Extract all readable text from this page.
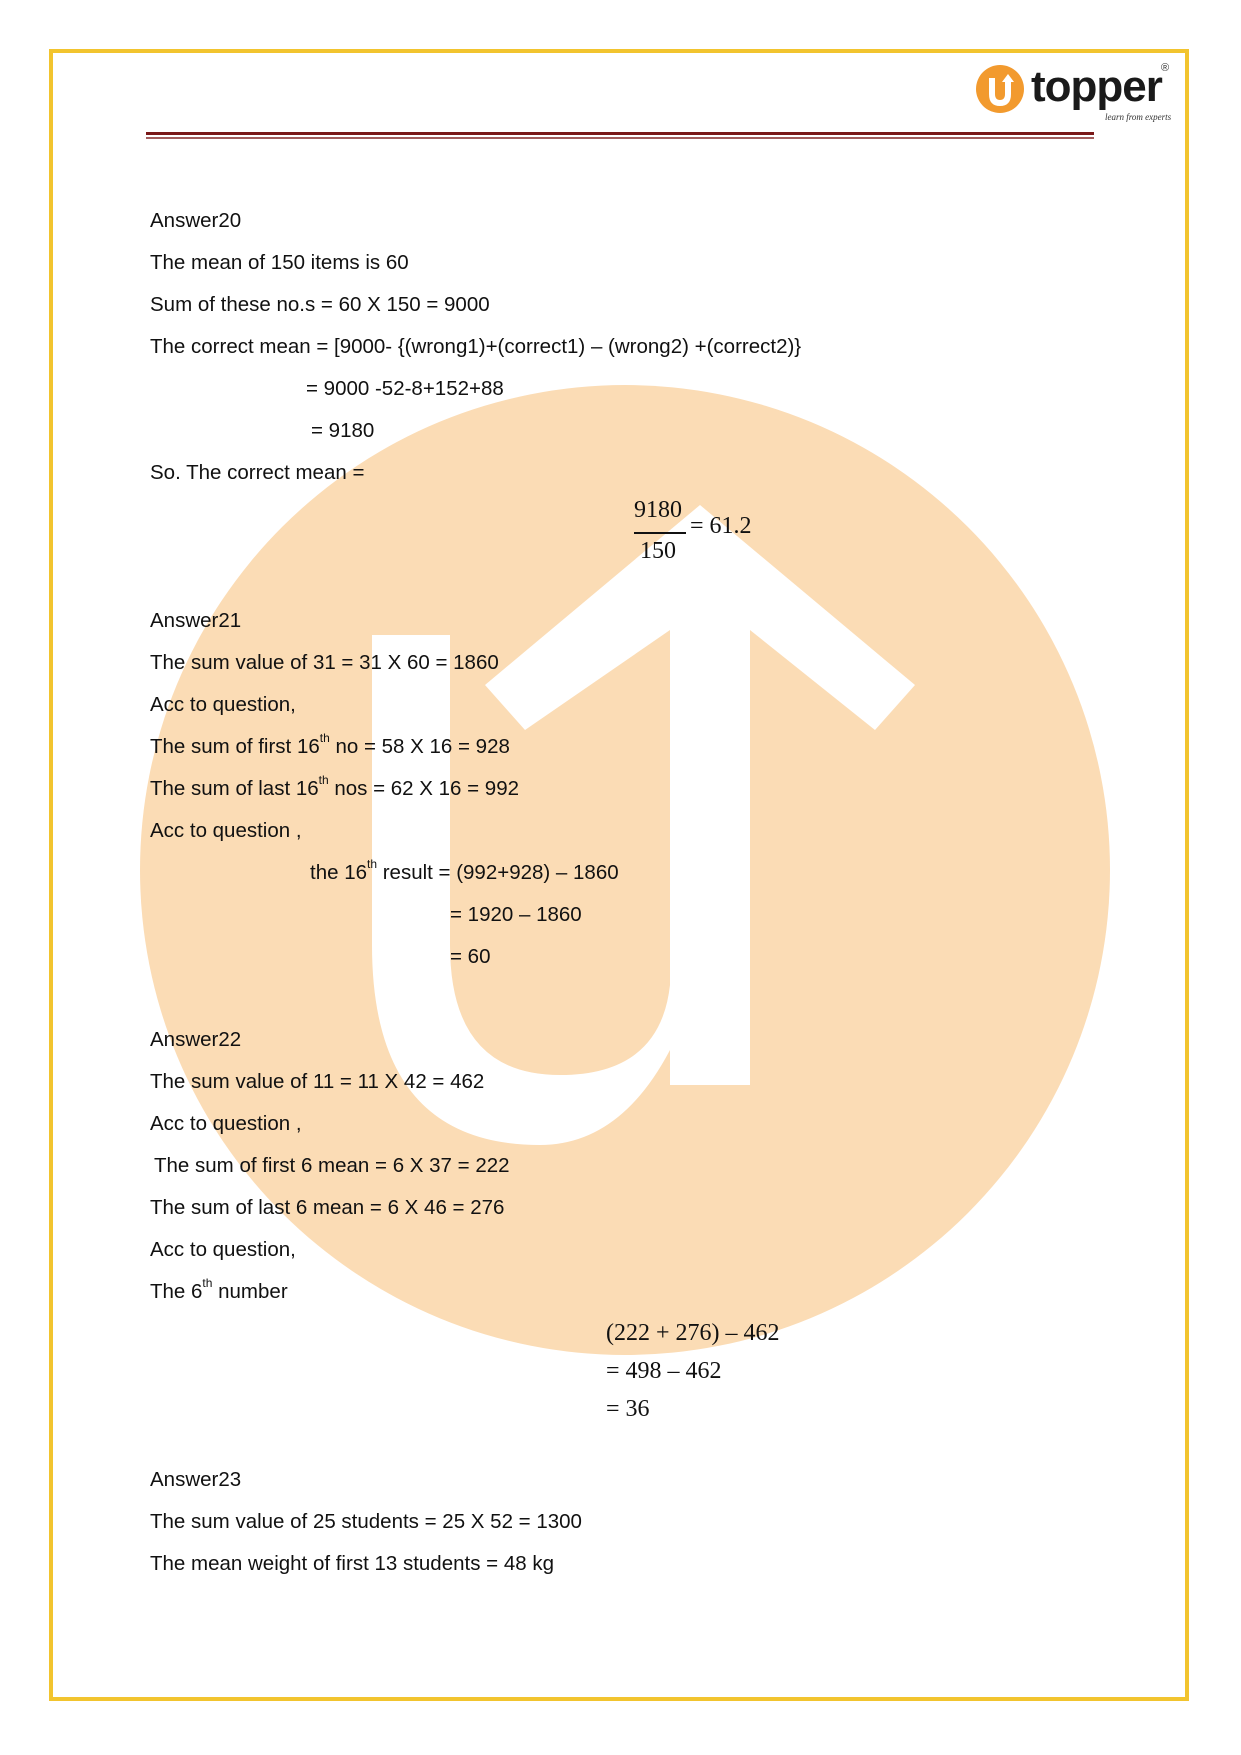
topper ®
learn from experts
Answer20
The mean of 150 items is 60
Sum of these no.s = 60 X 150 = 9000
The correct mean = [9000- {(wrong1)+(correct1) – (wrong2) +(correct2)}
= 9000 -52-8+152+88
= 9180
So. The correct mean =
9180
150
= 61.2
Answer21
The sum value of 31 = 31 X 60 = 1860
Acc to question,
The sum of first 16th no = 58 X 16 = 928
The sum of last 16th nos = 62 X 16 = 992
Acc to question ,
the 16th result = (992+928) – 1860
= 1920 – 1860
= 60
Answer22
The sum value of 11 = 11 X 42 = 462
Acc to question ,
The sum of first 6 mean = 6 X 37 = 222
The sum of last 6 mean = 6 X 46 = 276
Acc to question,
The 6th number
(222 + 276) – 462
= 498 – 462
= 36
Answer23
The sum value of 25 students = 25 X 52 = 1300
The mean weight of first 13 students = 48 kg
